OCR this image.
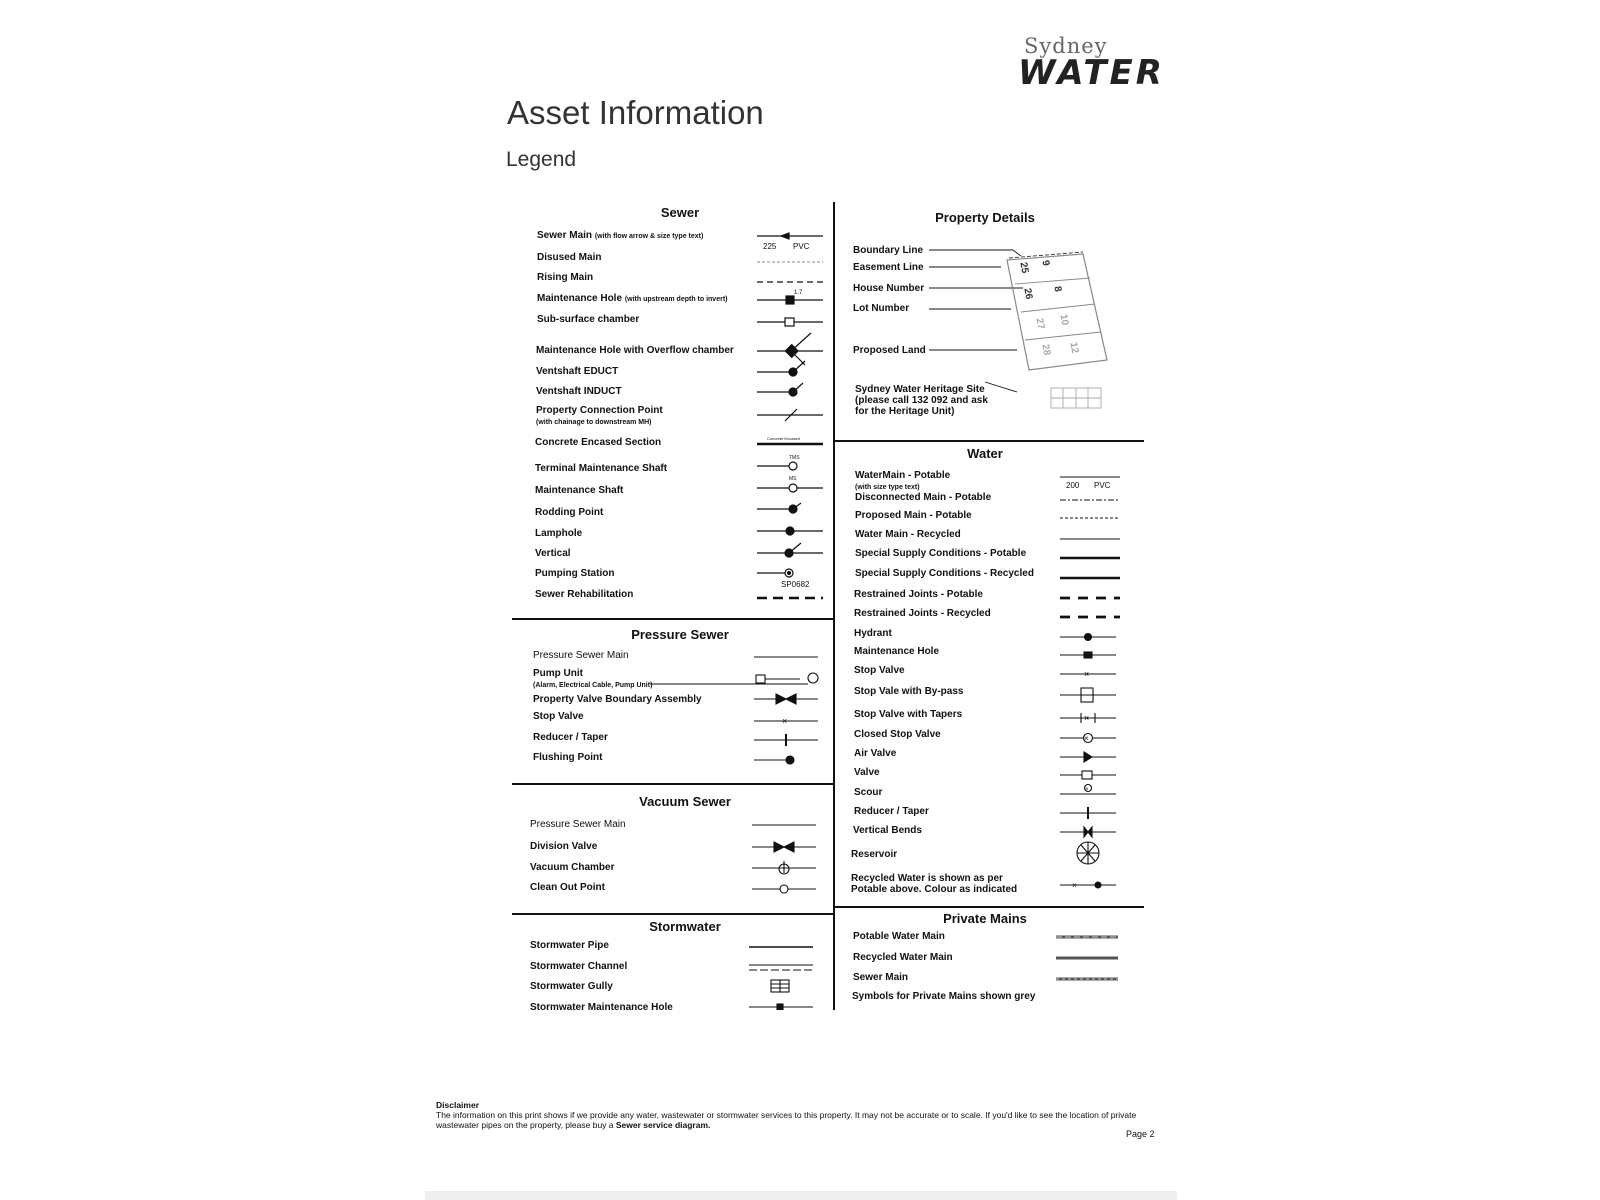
Sydney
WATER
Asset Information
Legend
Sewer
Sewer Main (with flow arrow & size type text)
Disused Main
Rising Main
Maintenance Hole (with upstream depth to invert)
Sub-surface chamber
Maintenance Hole with Overflow chamber
Ventshaft EDUCT
Ventshaft INDUCT
Property Connection Point
(with chainage to downstream MH)
Concrete Encased Section
Terminal Maintenance Shaft
Maintenance Shaft
Rodding Point
Lamphole
Vertical
Pumping Station
Sewer Rehabilitation
225 PVC
1.7
Concrete Encased
TMS
MS
SP0682
Pressure Sewer
Pressure Sewer Main
Pump Unit
(Alarm, Electrical Cable, Pump Unit)
Property Valve Boundary Assembly
Stop Valve
Reducer / Taper
Flushing Point
×
Vacuum Sewer
Pressure Sewer Main
Division Valve
Vacuum Chamber
Clean Out Point
Stormwater
Stormwater Pipe
Stormwater Channel
Stormwater Gully
Stormwater Maintenance Hole
Property Details
Boundary Line
Easement Line
House Number
Lot Number
Proposed Land
Sydney Water Heritage Site
(please call 132 092 and ask
for the Heritage Unit)
25 9
26 8
27 10
28 12
Water
WaterMain - Potable
(with size type text)
Disconnected Main - Potable
Proposed Main - Potable
Water Main - Recycled
Special Supply Conditions - Potable
Special Supply Conditions - Recycled
Restrained Joints - Potable
Restrained Joints - Recycled
Hydrant
Maintenance Hole
Stop Valve
Stop Vale with By-pass
Stop Valve with Tapers
Closed Stop Valve
Air Valve
Valve
Scour
Reducer / Taper
Vertical Bends
Reservoir
Recycled Water is shown as per
Potable above. Colour as indicated
×
×
×
×
×
200 PVC
Private Mains
Potable Water Main
Recycled Water Main
Sewer Main
Symbols for Private Mains shown grey
Disclaimer
The information on this print shows if we provide any water, wastewater or stormwater services to this property. It may not be accurate or to scale. If you'd like to see the location of private wastewater pipes on the property, please buy a Sewer service diagram.
Page 2
